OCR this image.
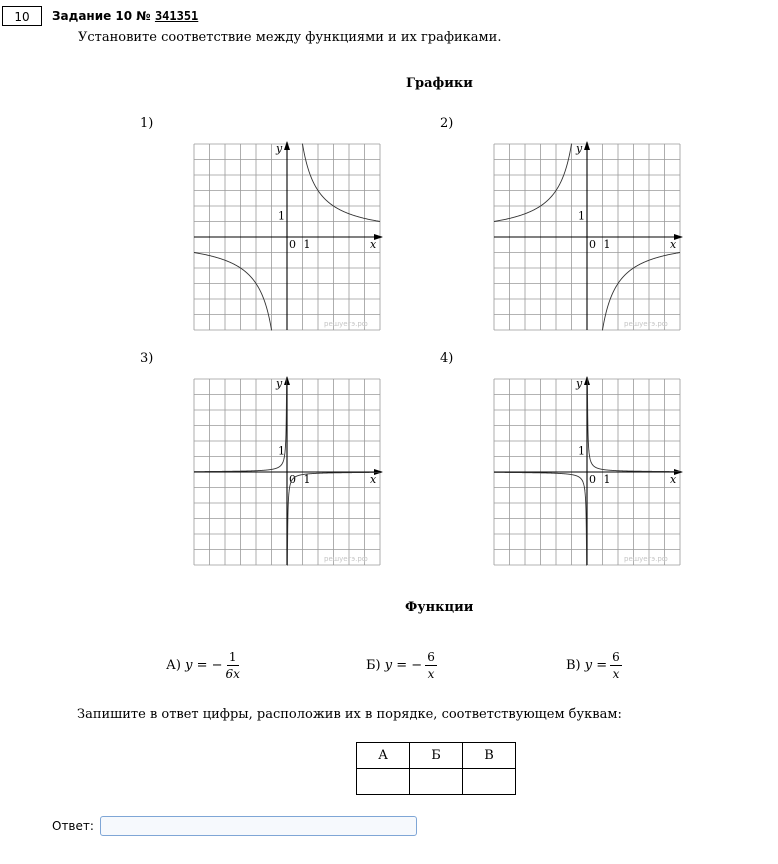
10	Задание 10 № 341351
Установите соответствие между функциями и их графиками.
Графики
1)	2)
3)	4)
y
x
0 1
1
решуегэ.рф
y
x
0 1
1
решуегэ.рф
y
x
0 1
1
решуегэ.рф
y
x
0 1
1
решуегэ.рф
Функции
А)
y
= − $\frac{1}{6x}$	Б)
y
= − $\frac{6}{x}$	В)
y
= $\frac{6}{x}$
Запишите в ответ цифры, расположив их в порядке, соответствующем буквам:
А	Б	В

Ответ:
